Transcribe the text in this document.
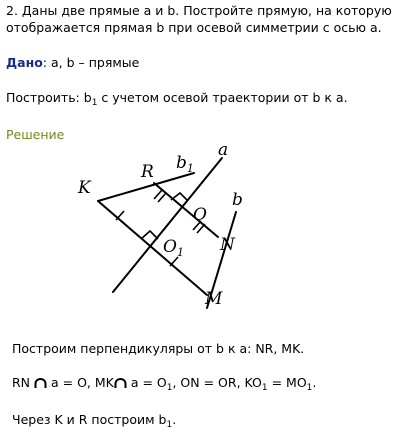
2. Даны две прямые a и b. Постройте прямую, на которую

отображается прямая b при осевой симметрии с осью a.

Дано: a, b – прямые

Построить: $b_1$ с учетом осевой траектории от b к a.

Решение

a
b
$b_1$
K
R
O
$O_1$ N
M

Построим перпендикуляры от b к a: NR, MK.

RN  a = O, MK $a = O_1$, ON = OR, $KO_1 = MO_1$.

Через K и R построим $b_1$.
